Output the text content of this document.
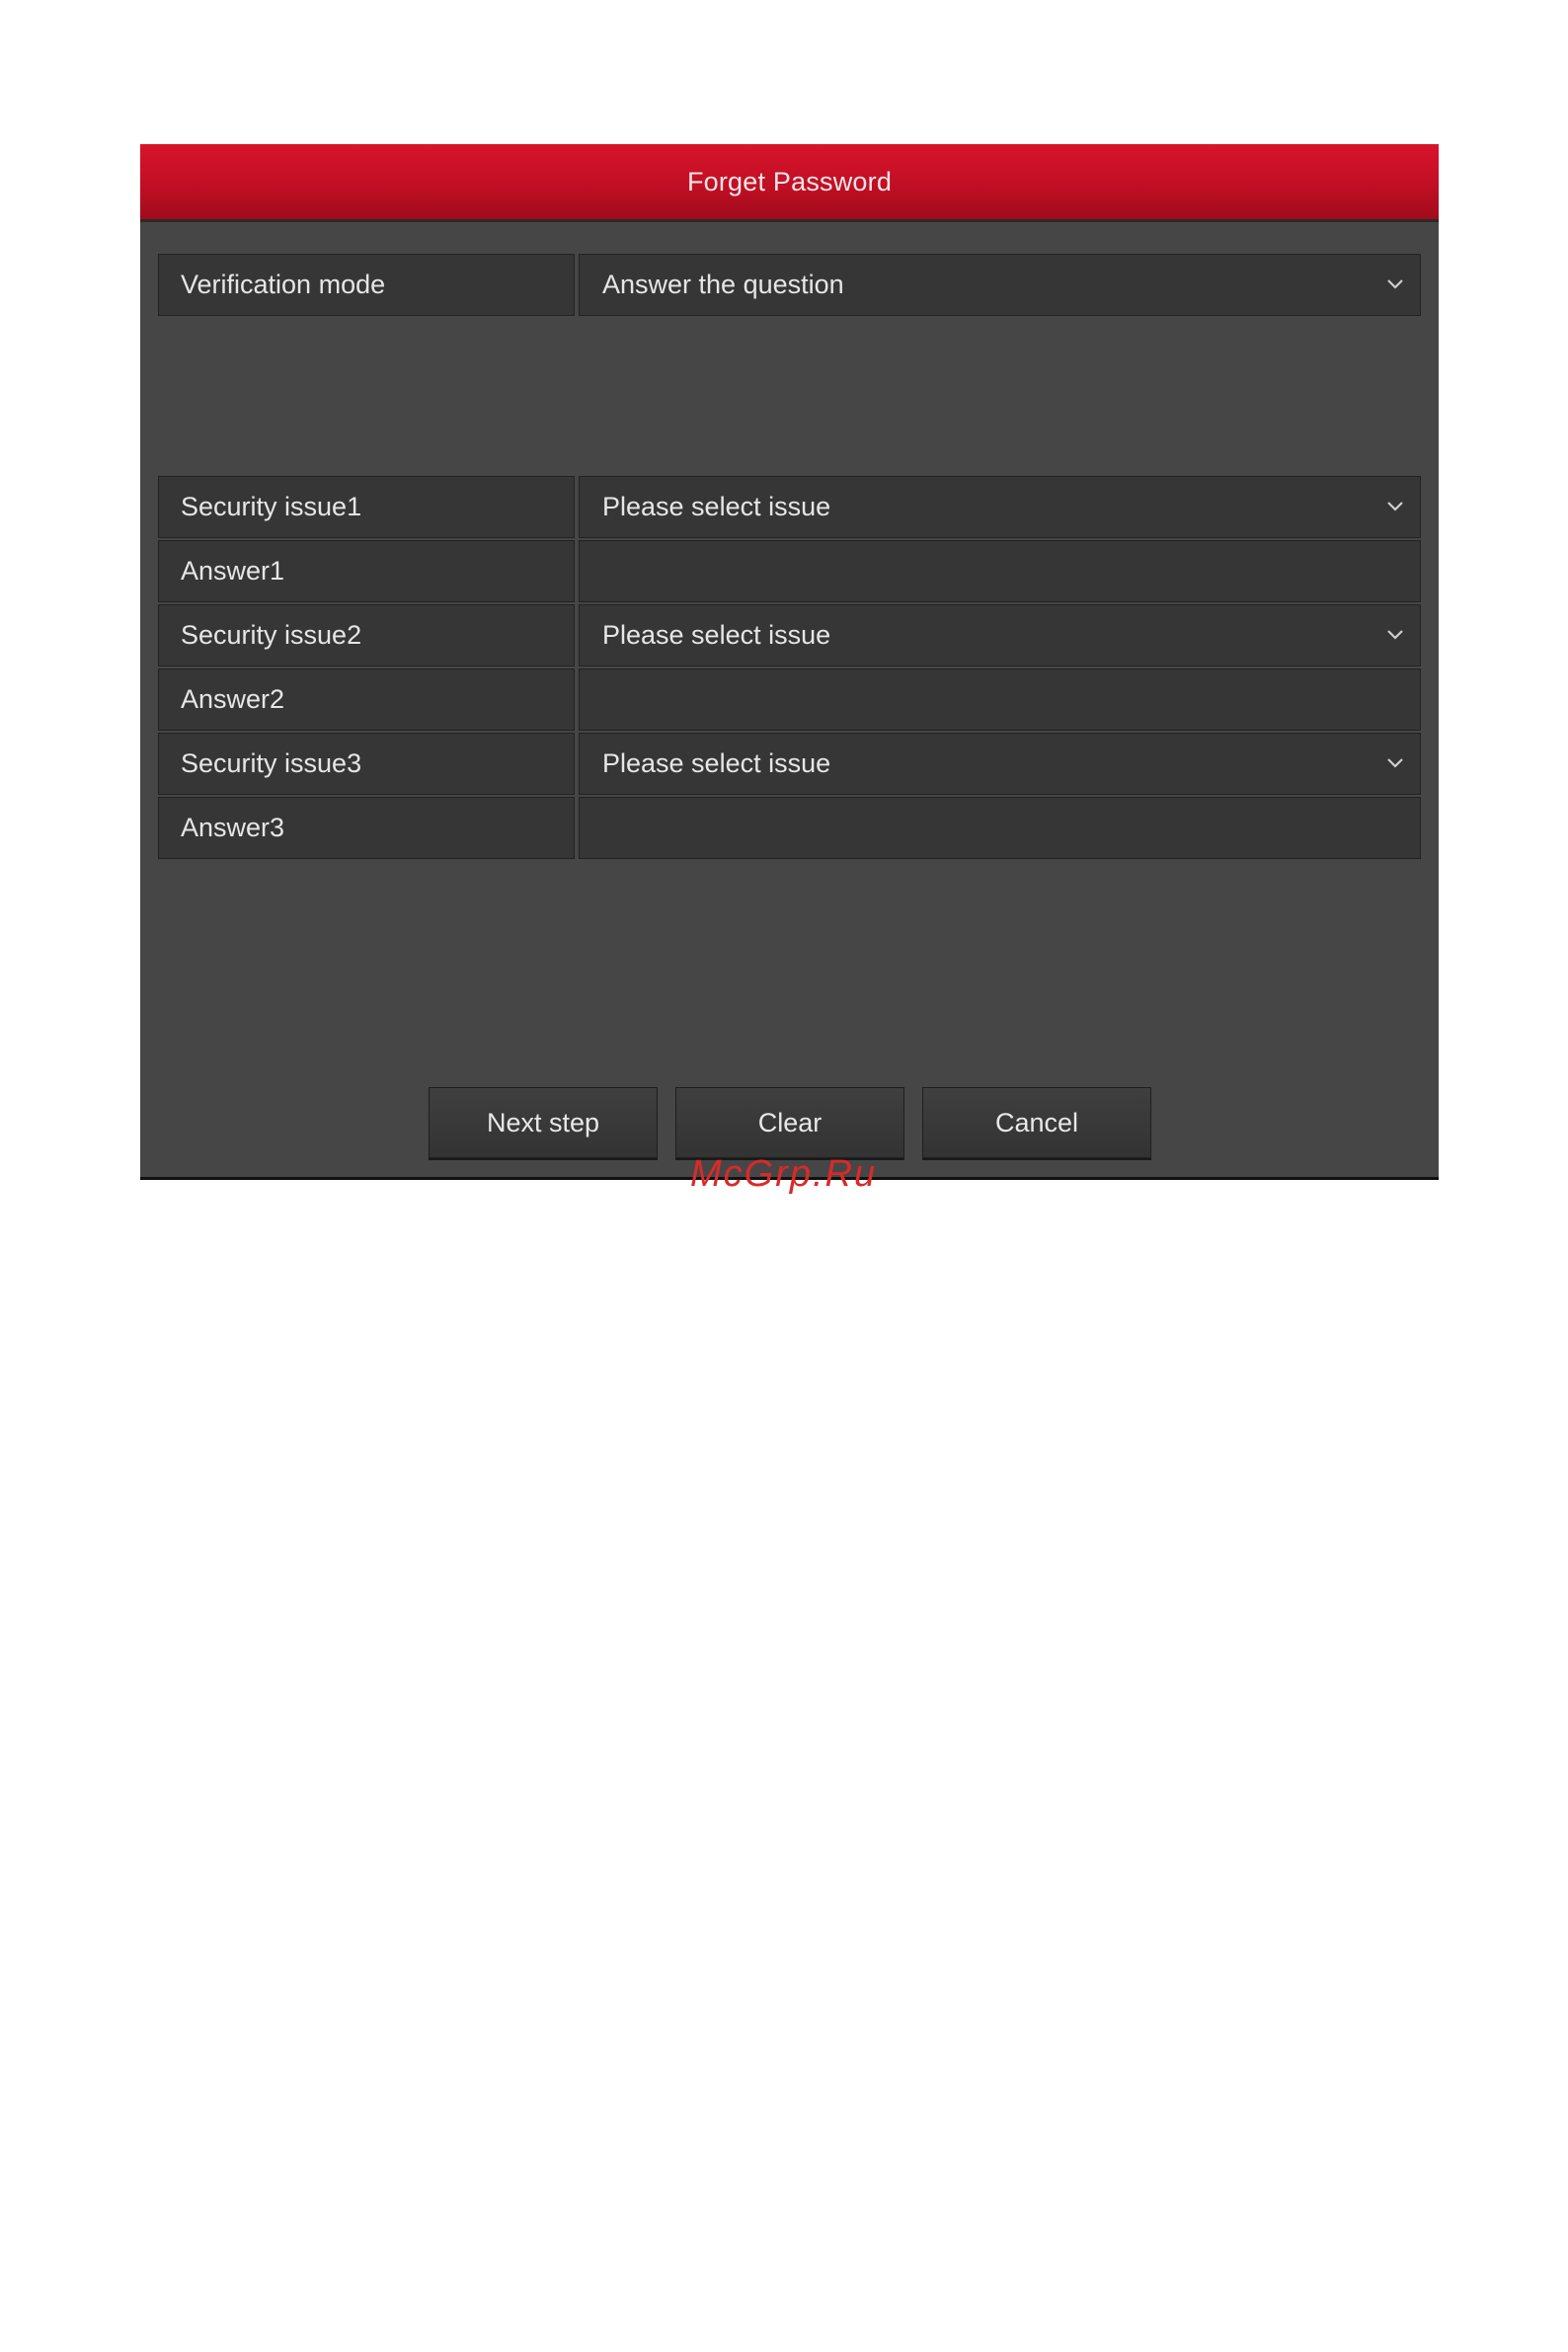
Forget Password
Verification mode	Answer the question
Security issue1	Please select issue
Answer1
Security issue2	Please select issue
Answer2
Security issue3	Please select issue
Answer3
Next step	Clear	Cancel
McGrp.Ru
